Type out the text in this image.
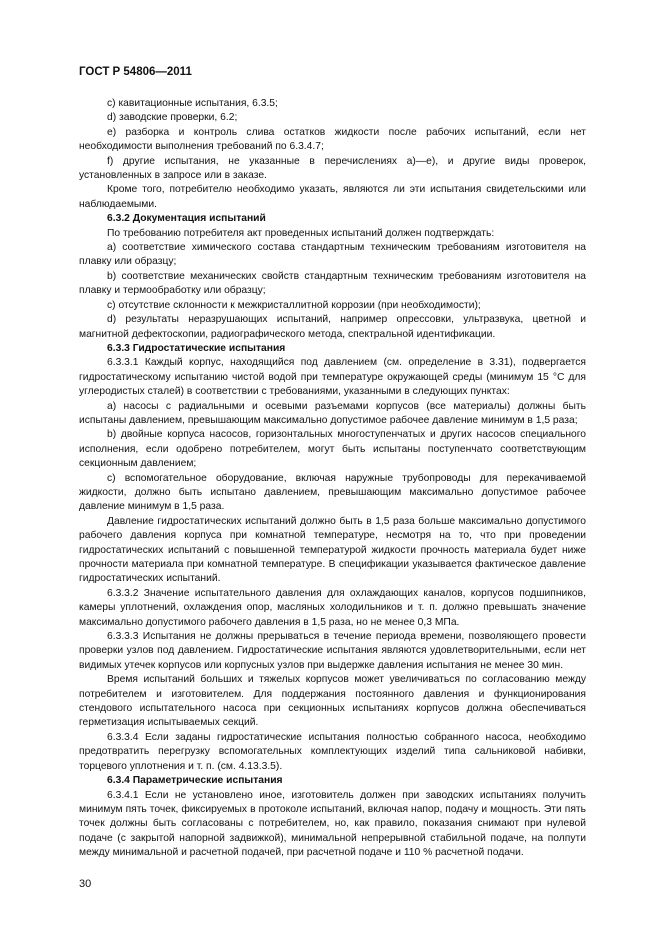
ГОСТ Р 54806—2011

c) кавитационные испытания, 6.3.5;

d) заводские проверки, 6.2;

e) разборка и контроль слива остатков жидкости после рабочих испытаний, если нет необходимости выполнения требований по 6.3.4.7;

f) другие испытания, не указанные в перечислениях а)—е), и другие виды проверок, установленных в запросе или в заказе.

Кроме того, потребителю необходимо указать, являются ли эти испытания свидетельскими или наблюдаемыми.

6.3.2 Документация испытаний

По требованию потребителя акт проведенных испытаний должен подтверждать:

a) соответствие химического состава стандартным техническим требованиям изготовителя на плавку или образцу;

b) соответствие механических свойств стандартным техническим требованиям изготовителя на плавку и термообработку или образцу;

c) отсутствие склонности к межкристаллитной коррозии (при необходимости);

d) результаты неразрушающих испытаний, например опрессовки, ультразвука, цветной и магнитной дефектоскопии, радиографического метода, спектральной идентификации.

6.3.3 Гидростатические испытания

6.3.3.1 Каждый корпус, находящийся под давлением (см. определение в 3.31), подвергается гидростатическому испытанию чистой водой при температуре окружающей среды (минимум 15 °С для углеродистых сталей) в соответствии с требованиями, указанными в следующих пунктах:

a) насосы с радиальными и осевыми разъемами корпусов (все материалы) должны быть испытаны давлением, превышающим максимально допустимое рабочее давление минимум в 1,5 раза;

b) двойные корпуса насосов, горизонтальных многоступенчатых и других насосов специального исполнения, если одобрено потребителем, могут быть испытаны поступенчато соответствующим секционным давлением;

c) вспомогательное оборудование, включая наружные трубопроводы для перекачиваемой жидкости, должно быть испытано давлением, превышающим максимально допустимое рабочее давление минимум в 1,5 раза.

Давление гидростатических испытаний должно быть в 1,5 раза больше максимально допустимого рабочего давления корпуса при комнатной температуре, несмотря на то, что при проведении гидростатических испытаний с повышенной температурой жидкости прочность материала будет ниже прочности материала при комнатной температуре. В спецификации указывается фактическое давление гидростатических испытаний.

6.3.3.2 Значение испытательного давления для охлаждающих каналов, корпусов подшипников, камеры уплотнений, охлаждения опор, масляных холодильников и т. п. должно превышать значение максимально допустимого рабочего давления в 1,5 раза, но не менее 0,3 МПа.

6.3.3.3 Испытания не должны прерываться в течение периода времени, позволяющего провести проверки узлов под давлением. Гидростатические испытания являются удовлетворительными, если нет видимых утечек корпусов или корпусных узлов при выдержке давления испытания не менее 30 мин.

Время испытаний больших и тяжелых корпусов может увеличиваться по согласованию между потребителем и изготовителем. Для поддержания постоянного давления и функционирования стендового испытательного насоса при секционных испытаниях корпусов должна обеспечиваться герметизация испытываемых секций.

6.3.3.4 Если заданы гидростатические испытания полностью собранного насоса, необходимо предотвратить перегрузку вспомогательных комплектующих изделий типа сальниковой набивки, торцевого уплотнения и т. п. (см. 4.13.3.5).

6.3.4 Параметрические испытания

6.3.4.1 Если не установлено иное, изготовитель должен при заводских испытаниях получить минимум пять точек, фиксируемых в протоколе испытаний, включая напор, подачу и мощность. Эти пять точек должны быть согласованы с потребителем, но, как правило, показания снимают при нулевой подаче (с закрытой напорной задвижкой), минимальной непрерывной стабильной подаче, на полпути между минимальной и расчетной подачей, при расчетной подаче и 110 % расчетной подачи.

30
